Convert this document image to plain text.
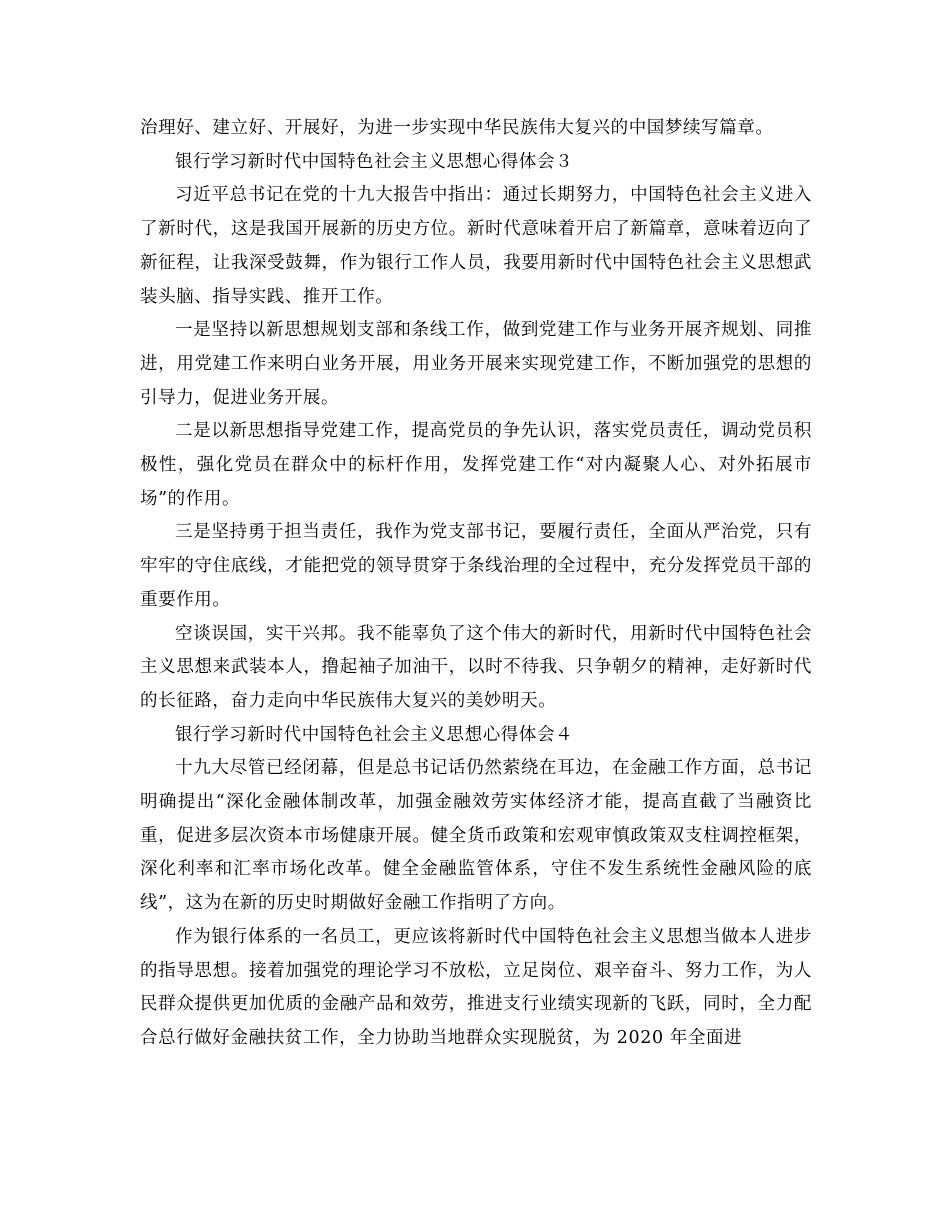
治理好、建立好、开展好，为进一步实现中华民族伟大复兴的中国梦续写篇章。

银行学习新时代中国特色社会主义思想心得体会３

习近平总书记在党的十九大报告中指出：通过长期努力，中国特色社会主义进入了新时代，这是我国开展新的历史方位。新时代意味着开启了新篇章，意味着迈向了新征程，让我深受鼓舞，作为银行工作人员，我要用新时代中国特色社会主义思想武装头脑、指导实践、推开工作。

一是坚持以新思想规划支部和条线工作，做到党建工作与业务开展齐规划、同推进，用党建工作来明白业务开展，用业务开展来实现党建工作，不断加强党的思想的引导力，促进业务开展。

二是以新思想指导党建工作，提高党员的争先认识，落实党员责任，调动党员积极性，强化党员在群众中的标杆作用，发挥党建工作“对内凝聚人心、对外拓展市场”的作用。

三是坚持勇于担当责任，我作为党支部书记，要履行责任，全面从严治党，只有牢牢的守住底线，才能把党的领导贯穿于条线治理的全过程中，充分发挥党员干部的重要作用。

空谈误国，实干兴邦。我不能辜负了这个伟大的新时代，用新时代中国特色社会主义思想来武装本人，撸起袖子加油干，以时不待我、只争朝夕的精神，走好新时代的长征路，奋力走向中华民族伟大复兴的美妙明天。

银行学习新时代中国特色社会主义思想心得体会４

十九大尽管已经闭幕，但是总书记话仍然萦绕在耳边，在金融工作方面，总书记明确提出“深化金融体制改革，加强金融效劳实体经济才能，提高直截了当融资比重，促进多层次资本市场健康开展。健全货币政策和宏观审慎政策双支柱调控框架，深化利率和汇率市场化改革。健全金融监管体系，守住不发生系统性金融风险的底线”，这为在新的历史时期做好金融工作指明了方向。

作为银行体系的一名员工，更应该将新时代中国特色社会主义思想当做本人进步的指导思想。接着加强党的理论学习不放松，立足岗位、艰辛奋斗、努力工作，为人民群众提供更加优质的金融产品和效劳，推进支行业绩实现新的飞跃，同时，全力配合总行做好金融扶贫工作，全力协助当地群众实现脱贫，为 2020 年全面进
